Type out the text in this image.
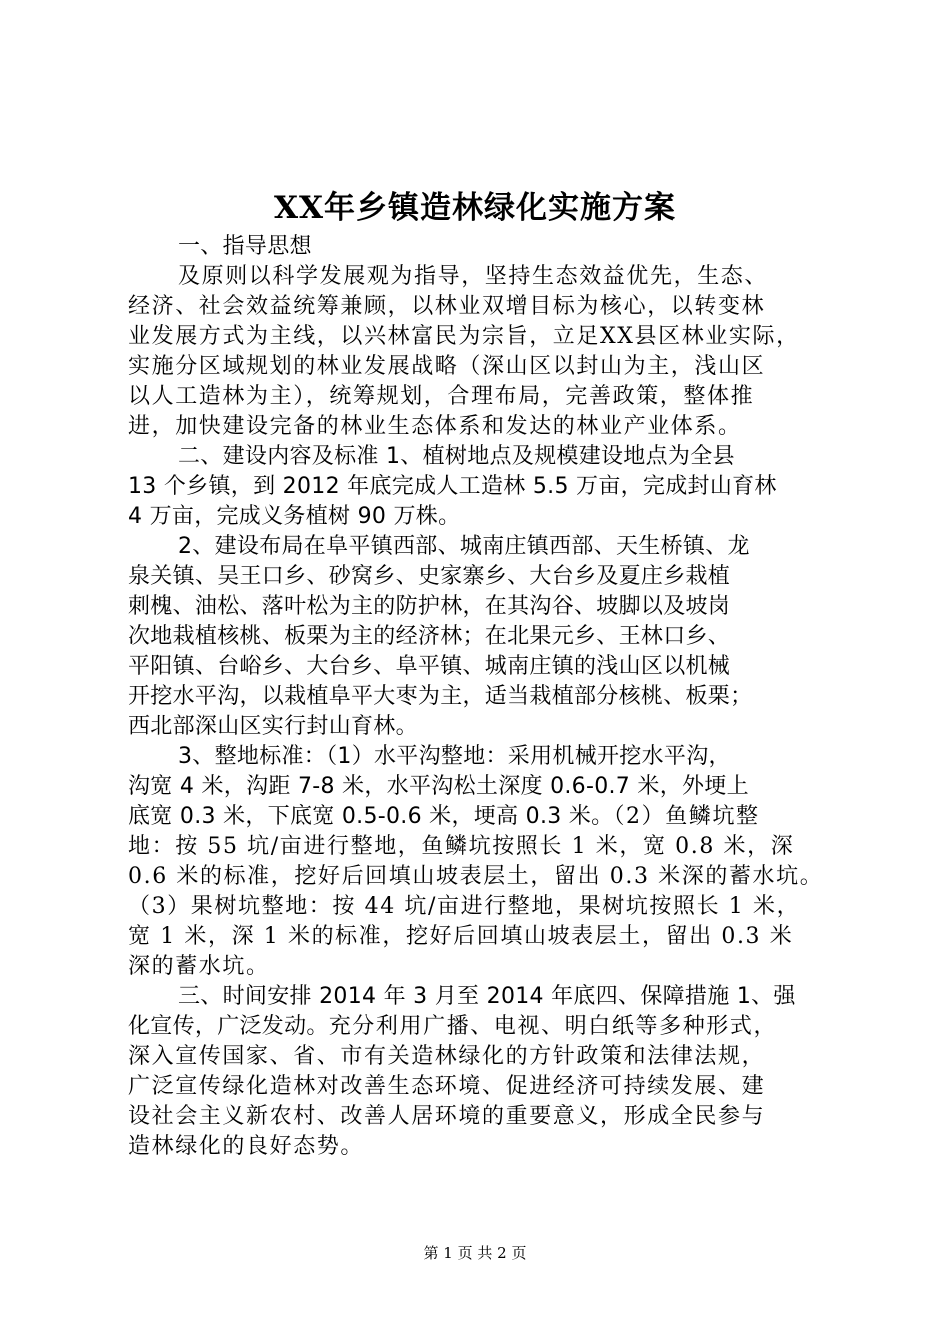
XX年乡镇造林绿化实施方案
一、指导思想
及原则以科学发展观为指导，坚持生态效益优先，生态、
经济、社会效益统筹兼顾，以林业双增目标为核心，以转变林
业发展方式为主线，以兴林富民为宗旨，立足XX县区林业实际，
实施分区域规划的林业发展战略（深山区以封山为主，浅山区
以人工造林为主），统筹规划，合理布局，完善政策，整体推
进，加快建设完备的林业生态体系和发达的林业产业体系。
二、建设内容及标准 1、植树地点及规模建设地点为全县
13 个乡镇，到 2012 年底完成人工造林 5.5 万亩，完成封山育林
4 万亩，完成义务植树 90 万株。
2、建设布局在阜平镇西部、城南庄镇西部、天生桥镇、龙
泉关镇、吴王口乡、砂窝乡、史家寨乡、大台乡及夏庄乡栽植
刺槐、油松、落叶松为主的防护林，在其沟谷、坡脚以及坡岗
次地栽植核桃、板栗为主的经济林；在北果元乡、王林口乡、
平阳镇、台峪乡、大台乡、阜平镇、城南庄镇的浅山区以机械
开挖水平沟，以栽植阜平大枣为主，适当栽植部分核桃、板栗；
西北部深山区实行封山育林。
3、整地标准：（1）水平沟整地：采用机械开挖水平沟，
沟宽 4 米，沟距 7-8 米，水平沟松土深度 0.6-0.7 米，外埂上
底宽 0.3 米，下底宽 0.5-0.6 米，埂高 0.3 米。（2）鱼鳞坑整
地：按 55 坑/亩进行整地，鱼鳞坑按照长 1 米，宽 0.8 米，深
0.6 米的标准，挖好后回填山坡表层土，留出 0.3 米深的蓄水坑。
（3）果树坑整地：按 44 坑/亩进行整地，果树坑按照长 1 米，
宽 1 米，深 1 米的标准，挖好后回填山坡表层土，留出 0.3 米
深的蓄水坑。
三、时间安排 2014 年 3 月至 2014 年底四、保障措施 1、强
化宣传，广泛发动。充分利用广播、电视、明白纸等多种形式，
深入宣传国家、省、市有关造林绿化的方针政策和法律法规，
广泛宣传绿化造林对改善生态环境、促进经济可持续发展、建
设社会主义新农村、改善人居环境的重要意义，形成全民参与
造林绿化的良好态势。
第 1 页 共 2 页
